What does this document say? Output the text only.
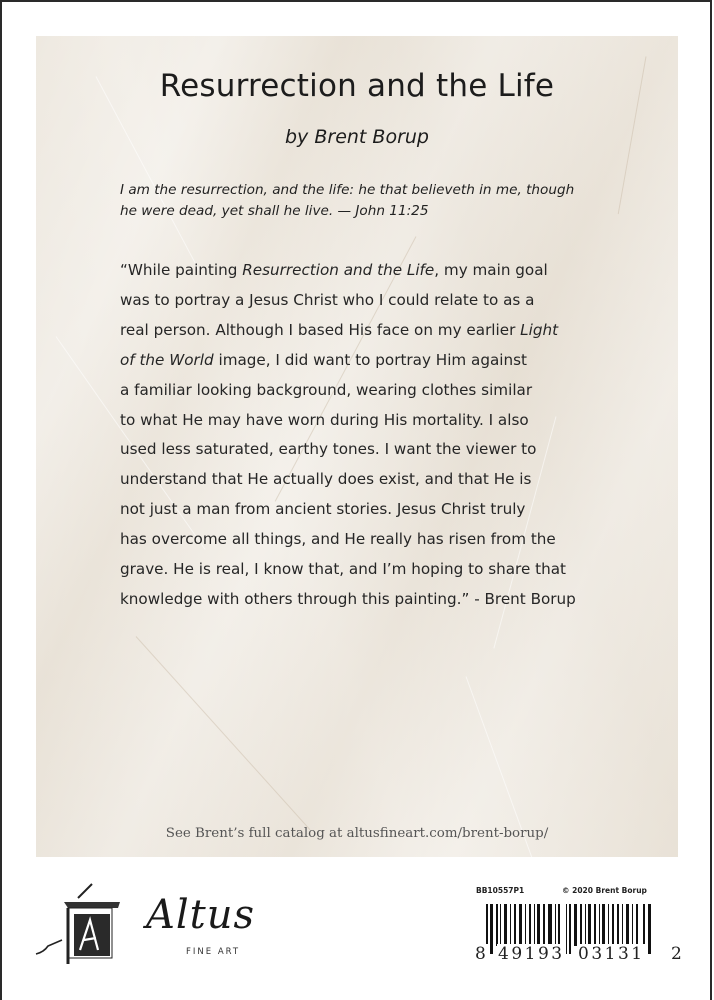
Resurrection and the Life
by Brent Borup
I am the resurrection, and the life: he that believeth in me, though
he were dead, yet shall he live. — John 11:25
“While painting Resurrection and the Life, my main goal
was to portray a Jesus Christ who I could relate to as a
real person. Although I based His face on my earlier Light
of the World image, I did want to portray Him against
a familiar looking background, wearing clothes similar
to what He may have worn during His mortality. I also
used less saturated, earthy tones. I want the viewer to
understand that He actually does exist, and that He is
not just a man from ancient stories. Jesus Christ truly
has overcome all things, and He really has risen from the
grave. He is real, I know that, and I’m hoping to share that
knowledge with others through this painting.” - Brent Borup
See Brent’s full catalog at altusfineart.com/brent-borup/
Altus
FINE ART
BB10557P1	© 2020 Brent Borup
8 49193 03131 2
